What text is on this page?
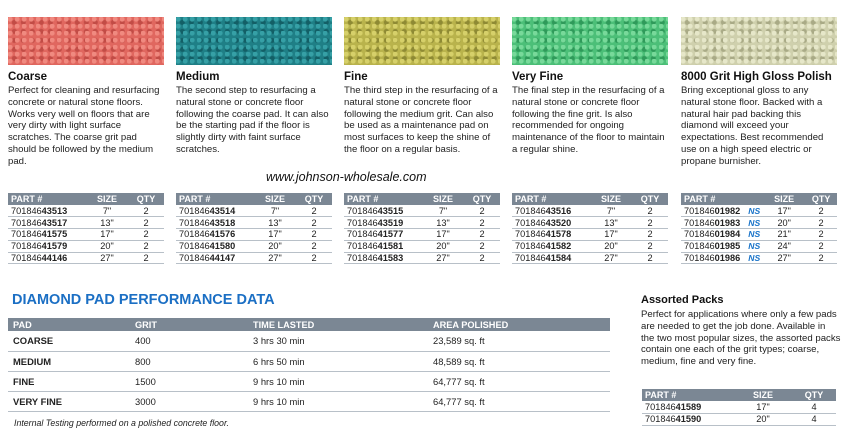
Coarse
Perfect for cleaning and resurfacing concrete or natural stone floors. Works very well on floors that are very dirty with light surface scratches. The coarse grit pad should be followed by the medium pad.
Medium
The second step to resurfacing a natural stone or concrete floor following the coarse pad. It can also be the starting pad if the floor is slightly dirty with faint surface scratches.
Fine
The third step in the resurfacing of a natural stone or concrete floor following the medium grit. Can also be used as a maintenance pad on most surfaces to keep the shine of the floor on a regular basis.
Very Fine
The final step in the resurfacing of a natural stone or concrete floor following the fine grit. Is also recommended for ongoing maintenance of the floor to maintain a regular shine.
8000 Grit High Gloss Polish
Bring exceptional gloss to any natural stone floor. Backed with a natural hair pad backing this diamond will exceed your expectations. Best recommended use on a high speed electric or propane burnisher.
www.johnson-wholesale.com
PART #	SIZE	QTY
70184643513	7"	2
70184643517	13"	2
70184641575	17"	2
70184641579	20"	2
70184644146	27"	2
PART #	SIZE	QTY
70184643514	7"	2
70184643518	13"	2
70184641576	17"	2
70184641580	20"	2
70184644147	27"	2
PART #	SIZE	QTY
70184643515	7"	2
70184643519	13"	2
70184641577	17"	2
70184641581	20"	2
70184641583	27"	2
PART #	SIZE	QTY
70184643516	7"	2
70184643520	13"	2
70184641578	17"	2
70184641582	20"	2
70184641584	27"	2
PART #	SIZE	QTY
70184601982 NS	17"	2
70184601983 NS	20"	2
70184601984 NS	21"	2
70184601985 NS	24"	2
70184601986 NS	27"	2
DIAMOND PAD PERFORMANCE DATA
PAD	GRIT	TIME LASTED	AREA POLISHED
COARSE	400	3 hrs 30 min	23,589 sq. ft
MEDIUM	800	6 hrs 50 min	48,589 sq. ft
FINE	1500	9 hrs 10 min	64,777 sq. ft
VERY FINE	3000	9 hrs 10 min	64,777 sq. ft
Internal Testing performed on a polished concrete floor.
Assorted Packs
Perfect for applications where only a few pads are needed to get the job done. Available in the two most popular sizes, the assorted packs contain one each of the grit types; coarse, medium, fine and very fine.
PART #	SIZE	QTY
70184641589	17"	4
70184641590	20"	4
